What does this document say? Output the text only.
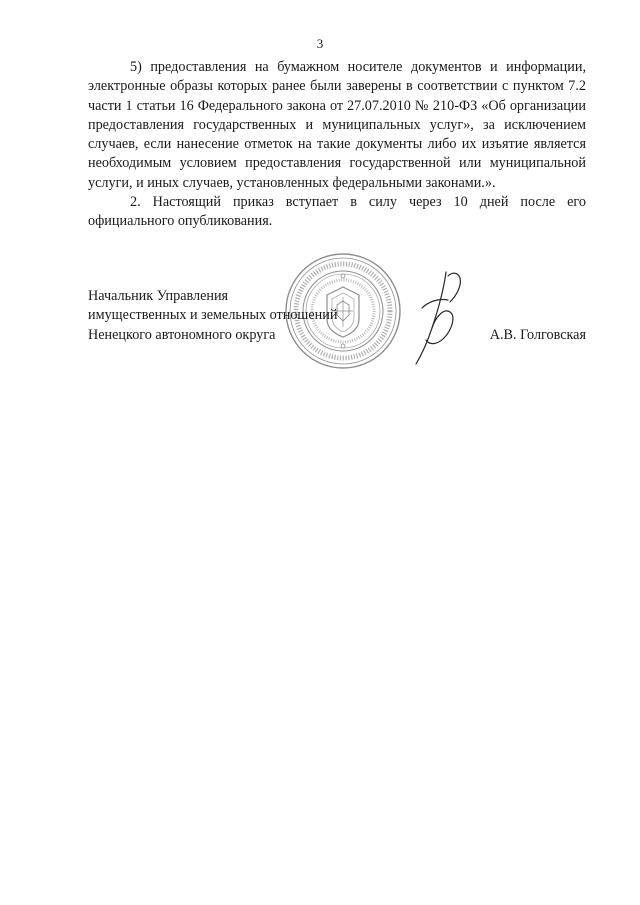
3

5) предоставления на бумажном носителе документов и информации, электронные образы которых ранее были заверены в соответствии с пунктом 7.2 части 1 статьи 16 Федерального закона от 27.07.2010 № 210-ФЗ «Об организации предоставления государственных и муниципальных услуг», за исключением случаев, если нанесение отметок на такие документы либо их изъятие является необходимым условием предоставления государственной или муниципальной услуги, и иных случаев, установленных федеральными законами.».

2. Настоящий приказ вступает в силу через 10 дней после его официального опубликования.

Начальник Управления
имущественных и земельных отношений
Ненецкого автономного округа	А.В. Голговская
